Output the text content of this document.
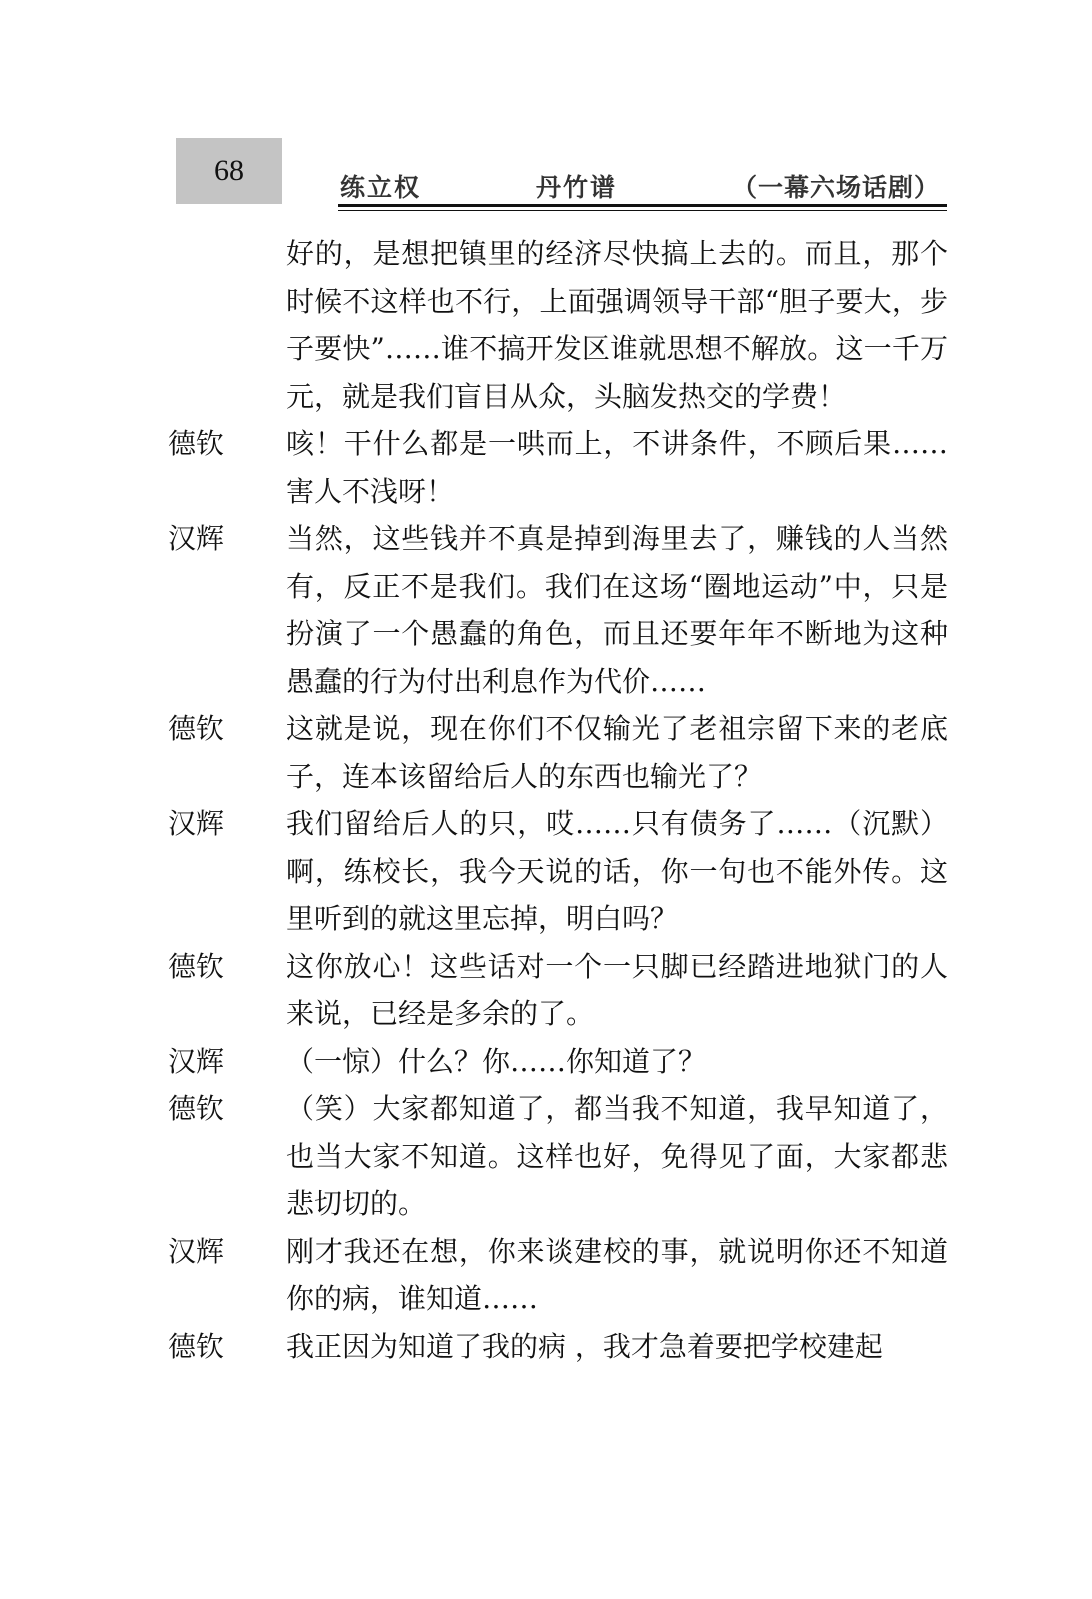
68
练立权	丹竹谱	（一幕六场话剧）
好的，是想把镇里的经济尽快搞上去的。而且，那个时候不这样也不行，上面强调领导干部“胆子要大，步子要快”……谁不搞开发区谁就思想不解放。这一千万元，就是我们盲目从众，头脑发热交的学费！
德钦	咳！干什么都是一哄而上，不讲条件，不顾后果……害人不浅呀！
汉辉	当然，这些钱并不真是掉到海里去了，赚钱的人当然有，反正不是我们。我们在这场“圈地运动”中，只是扮演了一个愚蠢的角色，而且还要年年不断地为这种愚蠢的行为付出利息作为代价……
德钦	这就是说，现在你们不仅输光了老祖宗留下来的老底子，连本该留给后人的东西也输光了？
汉辉	我们留给后人的只，哎……只有债务了……（沉默）啊，练校长，我今天说的话，你一句也不能外传。这里听到的就这里忘掉，明白吗？
德钦	这你放心！这些话对一个一只脚已经踏进地狱门的人来说，已经是多余的了。
汉辉	（一惊）什么？你……你知道了？
德钦	（笑）大家都知道了，都当我不知道，我早知道了，也当大家不知道。这样也好，免得见了面，大家都悲悲切切的。
汉辉	刚才我还在想，你来谈建校的事，就说明你还不知道你的病，谁知道……
德钦	我正因为知道了我的病 ，我才急着要把学校建起
